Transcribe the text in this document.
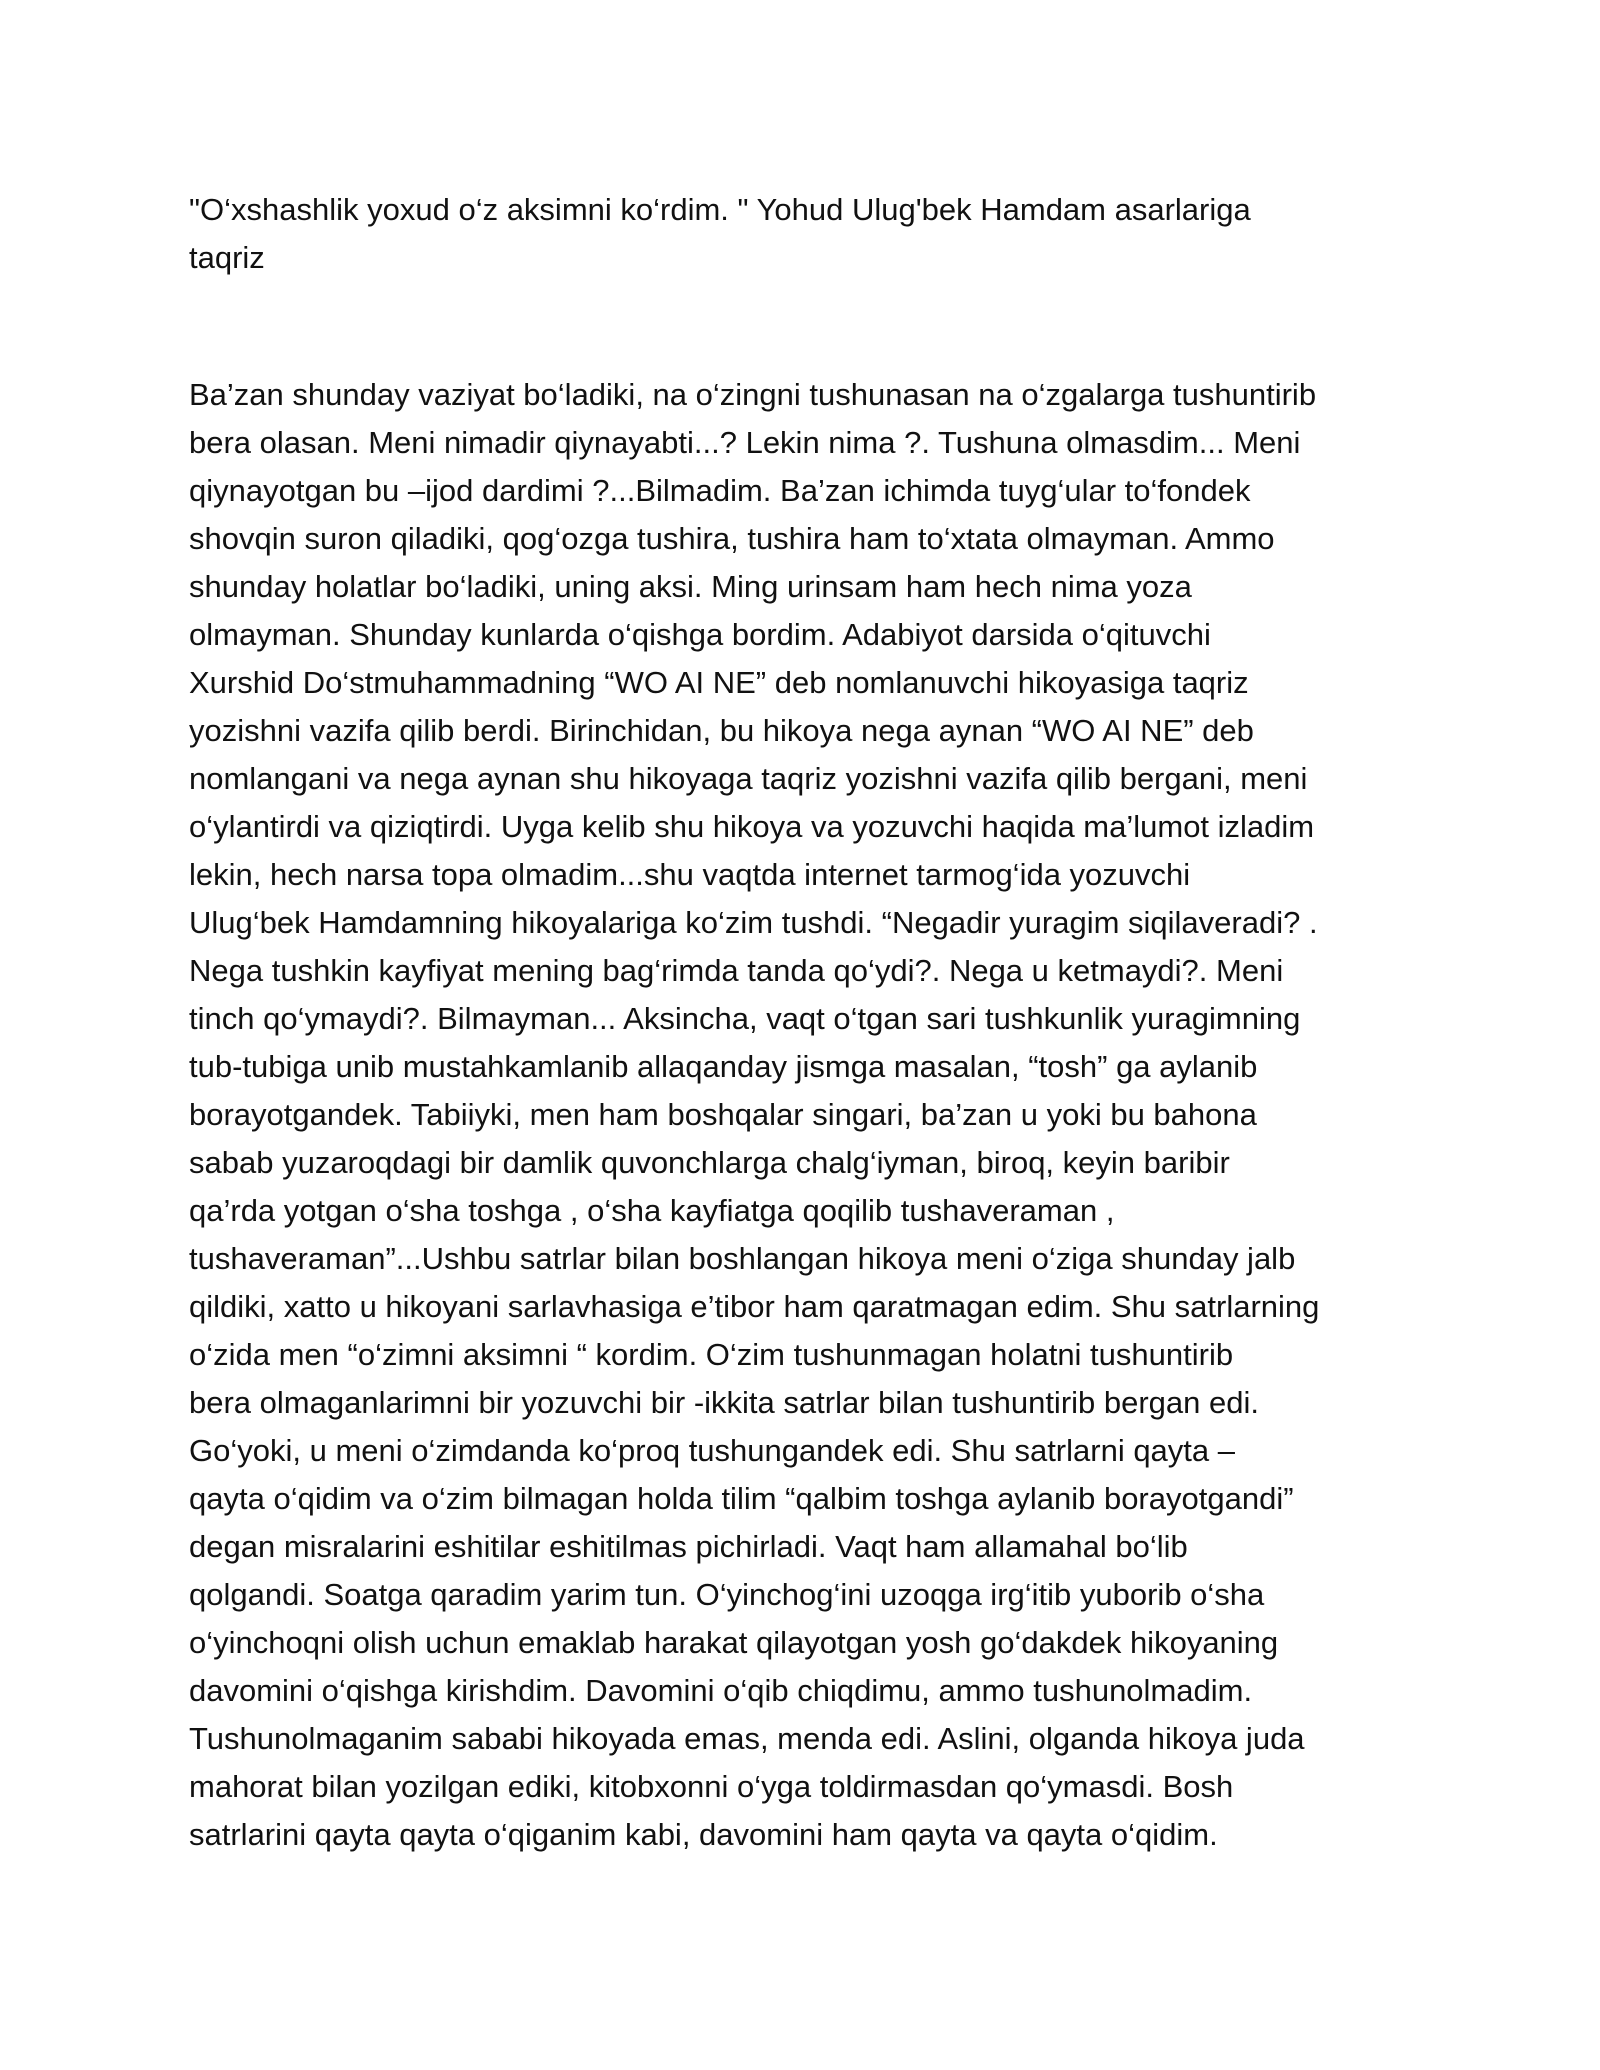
"O‘xshashlik yoxud o‘z aksimni ko‘rdim. " Yohud Ulug'bek Hamdam asarlariga
taqriz
Ba’zan shunday vaziyat bo‘ladiki, na o‘zingni tushunasan na o‘zgalarga tushuntirib
bera olasan. Meni nimadir qiynayabti...? Lekin nima ?. Tushuna olmasdim... Meni
qiynayotgan bu –ijod dardimi ?...Bilmadim. Ba’zan ichimda tuyg‘ular to‘fondek
shovqin suron qiladiki, qog‘ozga tushira, tushira ham to‘xtata olmayman. Ammo
shunday holatlar bo‘ladiki, uning aksi. Ming urinsam ham hech nima yoza
olmayman. Shunday kunlarda o‘qishga bordim. Adabiyot darsida o‘qituvchi
Xurshid Do‘stmuhammadning “WO AI NE” deb nomlanuvchi hikoyasiga taqriz
yozishni vazifa qilib berdi. Birinchidan, bu hikoya nega aynan “WO AI NE” deb
nomlangani va nega aynan shu hikoyaga taqriz yozishni vazifa qilib bergani, meni
o‘ylantirdi va qiziqtirdi. Uyga kelib shu hikoya va yozuvchi haqida ma’lumot izladim
lekin, hech narsa topa olmadim...shu vaqtda internet tarmog‘ida yozuvchi
Ulug‘bek Hamdamning hikoyalariga ko‘zim tushdi. “Negadir yuragim siqilaveradi? .
Nega tushkin kayfiyat mening bag‘rimda tanda qo‘ydi?. Nega u ketmaydi?. Meni
tinch qo‘ymaydi?. Bilmayman... Aksincha, vaqt o‘tgan sari tushkunlik yuragimning
tub-tubiga unib mustahkamlanib allaqanday jismga masalan, “tosh” ga aylanib
borayotgandek. Tabiiyki, men ham boshqalar singari, ba’zan u yoki bu bahona
sabab yuzaroqdagi bir damlik quvonchlarga chalg‘iyman, biroq, keyin baribir
qa’rda yotgan o‘sha toshga , o‘sha kayfiatga qoqilib tushaveraman ,
tushaveraman”...Ushbu satrlar bilan boshlangan hikoya meni o‘ziga shunday jalb
qildiki, xatto u hikoyani sarlavhasiga e’tibor ham qaratmagan edim. Shu satrlarning
o‘zida men “o‘zimni aksimni “ kordim. O‘zim tushunmagan holatni tushuntirib
bera olmaganlarimni bir yozuvchi bir -ikkita satrlar bilan tushuntirib bergan edi.
Go‘yoki, u meni o‘zimdanda ko‘proq tushungandek edi. Shu satrlarni qayta –
qayta o‘qidim va o‘zim bilmagan holda tilim “qalbim toshga aylanib borayotgandi”
degan misralarini eshitilar eshitilmas pichirladi. Vaqt ham allamahal bo‘lib
qolgandi. Soatga qaradim yarim tun. O‘yinchog‘ini uzoqga irg‘itib yuborib o‘sha
o‘yinchoqni olish uchun emaklab harakat qilayotgan yosh go‘dakdek hikoyaning
davomini o‘qishga kirishdim. Davomini o‘qib chiqdimu, ammo tushunolmadim.
Tushunolmaganim sababi hikoyada emas, menda edi. Aslini, olganda hikoya juda
mahorat bilan yozilgan ediki, kitobxonni o‘yga toldirmasdan qo‘ymasdi. Bosh
satrlarini qayta qayta o‘qiganim kabi, davomini ham qayta va qayta o‘qidim.
